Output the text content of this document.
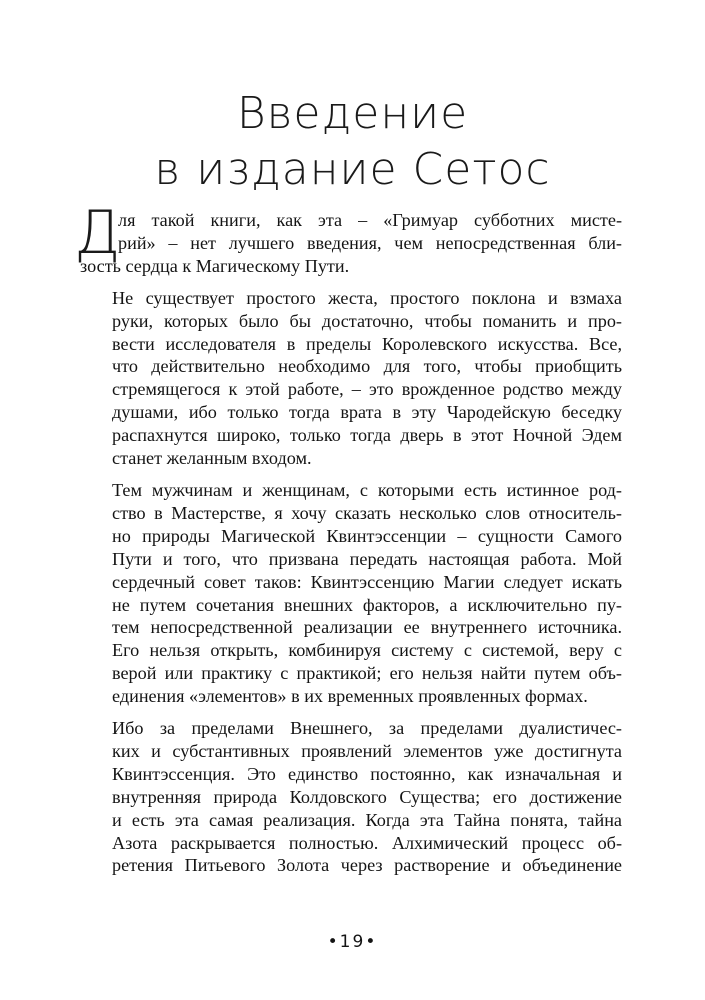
Введение
в издание Сетос
Д
ля такой книги, как эта – «Гримуар субботних мисте-
рий» – нет лучшего введения, чем непосредственная бли-
зость сердца к Магическому Пути.
Не существует простого жеста, простого поклона и взмаха
руки, которых было бы достаточно, чтобы поманить и про-
вести исследователя в пределы Королевского искусства. Все,
что действительно необходимо для того, чтобы приобщить
стремящегося к этой работе, – это врожденное родство между
душами, ибо только тогда врата в эту Чародейскую беседку
распахнутся широко, только тогда дверь в этот Ночной Эдем
станет желанным входом.
Тем мужчинам и женщинам, с которыми есть истинное род-
ство в Мастерстве, я хочу сказать несколько слов относитель-
но природы Магической Квинтэссенции – сущности Самого
Пути и того, что призвана передать настоящая работа. Мой
сердечный совет таков: Квинтэссенцию Магии следует искать
не путем сочетания внешних факторов, а исключительно пу-
тем непосредственной реализации ее внутреннего источника.
Его нельзя открыть, комбинируя систему с системой, веру с
верой или практику с практикой; его нельзя найти путем объ-
единения «элементов» в их временных проявленных формах.
Ибо за пределами Внешнего, за пределами дуалистичес-
ких и субстантивных проявлений элементов уже достигнута
Квинтэссенция. Это единство постоянно, как изначальная и
внутренняя природа Колдовского Существа; его достижение
и есть эта самая реализация. Когда эта Тайна понята, тайна
Азота раскрывается полностью. Алхимический процесс об-
ретения Питьевого Золота через растворение и объединение
•19•
